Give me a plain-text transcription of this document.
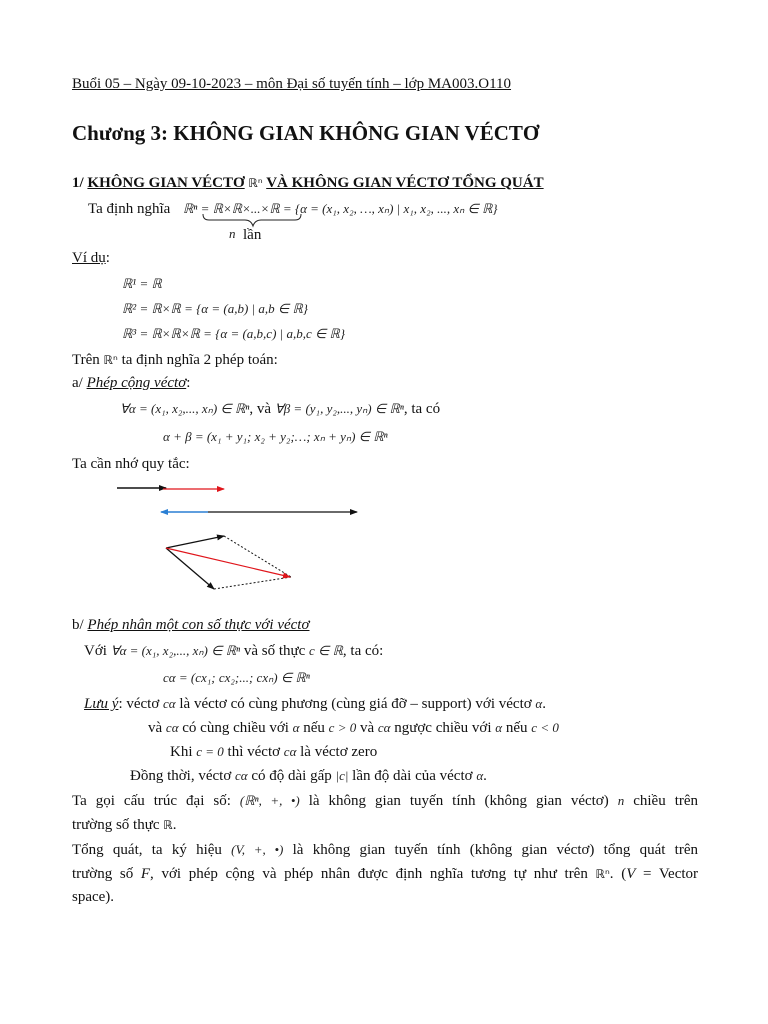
Buổi 05 – Ngày 09-10-2023 – môn Đại số tuyến tính – lớp MA003.O110
Chương 3: KHÔNG GIAN KHÔNG GIAN VÉCTƠ
1/ KHÔNG GIAN VÉCTƠ ℝⁿ VÀ KHÔNG GIAN VÉCTƠ TỔNG QUÁT
Ta định nghĩa ℝⁿ = ℝ×ℝ×...×ℝ = {α = (x₁, x₂, …, xₙ) | x₁, x₂, ..., xₙ ∈ ℝ}
n lần
Ví dụ:
ℝ¹ = ℝ
ℝ² = ℝ×ℝ = {α = (a,b) | a,b ∈ ℝ}
ℝ³ = ℝ×ℝ×ℝ = {α = (a,b,c) | a,b,c ∈ ℝ}
Trên ℝⁿ ta định nghĩa 2 phép toán:
a/ Phép cộng véctơ:
∀α = (x₁, x₂,..., xₙ) ∈ ℝⁿ, và ∀β = (y₁, y₂,..., yₙ) ∈ ℝⁿ, ta có
α + β = (x₁ + y₁; x₂ + y₂;…; xₙ + yₙ) ∈ ℝⁿ
Ta cần nhớ quy tắc:
b/ Phép nhân một con số thực với véctơ
Với ∀α = (x₁, x₂,..., xₙ) ∈ ℝⁿ và số thực c ∈ ℝ, ta có:
cα = (cx₁; cx₂;...; cxₙ) ∈ ℝⁿ
Lưu ý: véctơ cα là véctơ có cùng phương (cùng giá đỡ – support) với véctơ α.
và cα có cùng chiều với α nếu c > 0 và cα ngược chiều với α nếu c < 0
Khi c = 0 thì véctơ cα là véctơ zero
Đồng thời, véctơ cα có độ dài gấp |c| lần độ dài của véctơ α.
Ta gọi cấu trúc đại số: (ℝⁿ, +, •) là không gian tuyến tính (không gian véctơ) n chiều trên
trường số thực ℝ.
Tổng quát, ta ký hiệu (V, +, •) là không gian tuyến tính (không gian véctơ) tổng quát trên
trường số F, với phép cộng và phép nhân được định nghĩa tương tự như trên ℝⁿ. (V = Vector
space).
